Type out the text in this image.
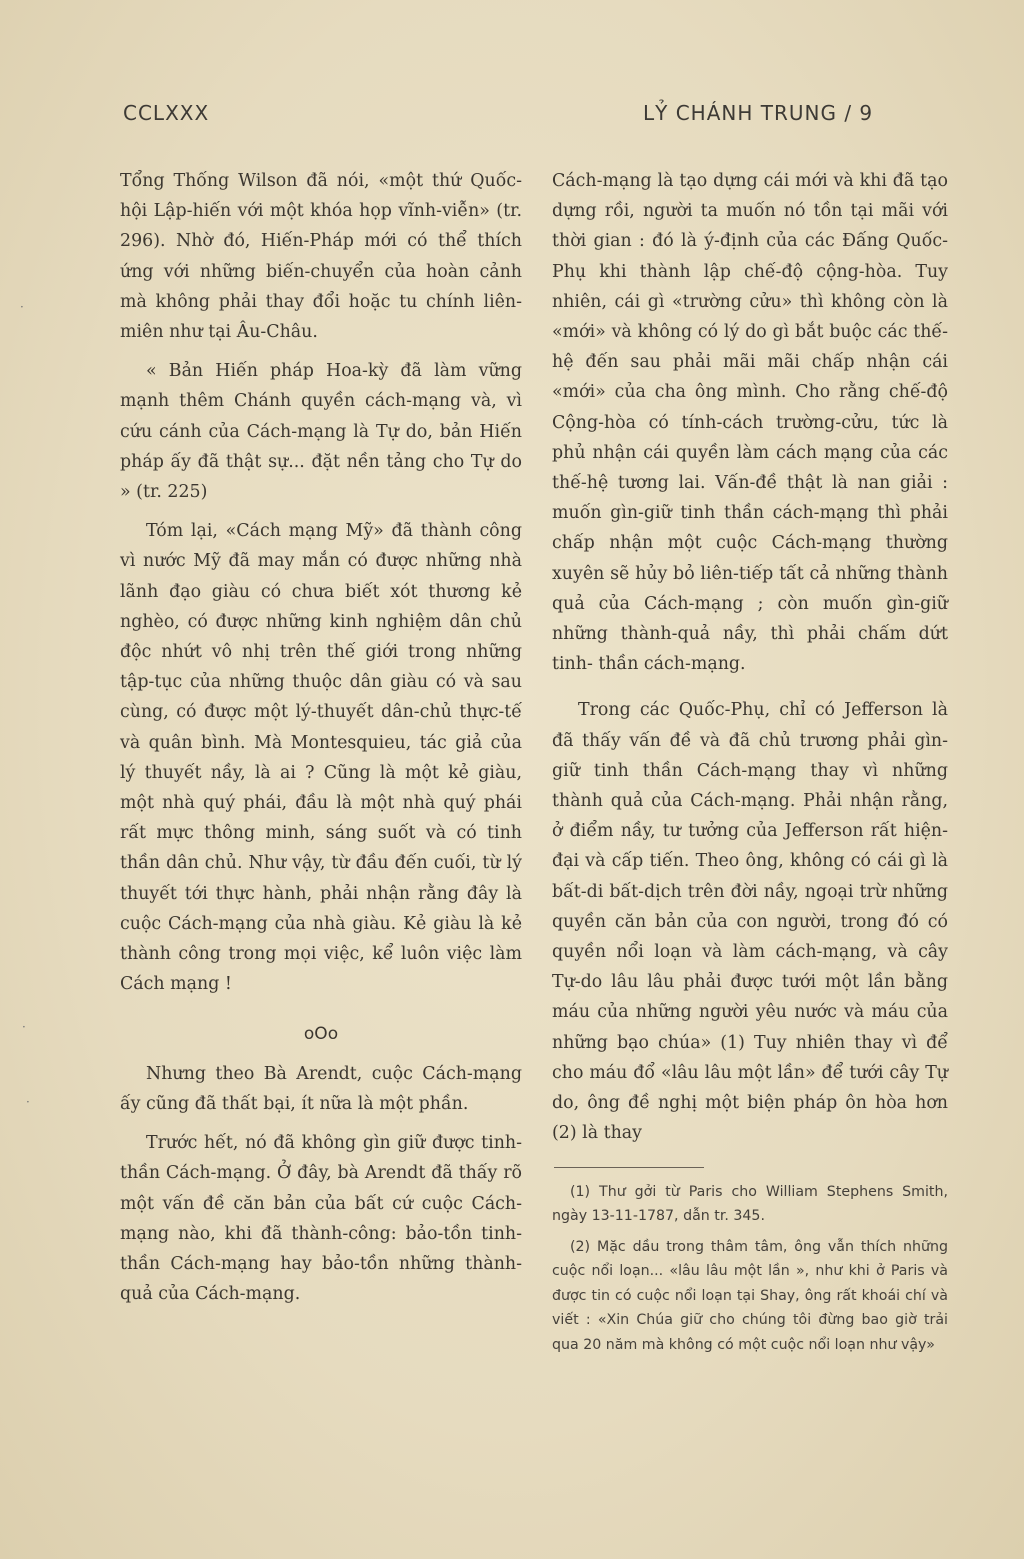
CCLXXX	LỶ CHÁNH TRUNG / 9

Tổng Thống Wilson đã nói, «một thứ Quốc-hội Lập-hiến với một khóa họp vĩnh-viễn» (tr. 296). Nhờ đó, Hiến-Pháp mới có thể thích ứng với những biến-chuyển của hoàn cảnh mà không phải thay đổi hoặc tu chính liên-miên như tại Âu-Châu.

« Bản Hiến pháp Hoa-kỳ đã làm vững mạnh thêm Chánh quyền cách-mạng và, vì cứu cánh của Cách-mạng là Tự do, bản Hiến pháp ấy đã thật sự... đặt nền tảng cho Tự do » (tr. 225)

Tóm lại, «Cách mạng Mỹ» đã thành công vì nước Mỹ đã may mắn có được những nhà lãnh đạo giàu có chưa biết xót thương kẻ nghèo, có được những kinh nghiệm dân chủ độc nhứt vô nhị trên thế giới trong những tập-tục của những thuộc dân giàu có và sau cùng, có được một lý-thuyết dân-chủ thực-tế và quân bình. Mà Montesquieu, tác giả của lý thuyết nầy, là ai ? Cũng là một kẻ giàu, một nhà quý phái, đầu là một nhà quý phái rất mực thông minh, sáng suốt và có tinh thần dân chủ. Như vậy, từ đầu đến cuối, từ lý thuyết tới thực hành, phải nhận rằng đây là cuộc Cách-mạng của nhà giàu. Kẻ giàu là kẻ thành công trong mọi việc, kể luôn việc làm Cách mạng !

oOo

Nhưng theo Bà Arendt, cuộc Cách-mạng ấy cũng đã thất bại, ít nữa là một phần.

Trước hết, nó đã không gìn giữ được tinh-thần Cách-mạng. Ở đây, bà Arendt đã thấy rõ một vấn đề căn bản của bất cứ cuộc Cách-mạng nào, khi đã thành-công: bảo-tồn tinh-thần Cách-mạng hay bảo-tồn những thành-quả của Cách-mạng.

Cách-mạng là tạo dựng cái mới và khi đã tạo dựng rồi, người ta muốn nó tồn tại mãi với thời gian : đó là ý-định của các Đấng Quốc-Phụ khi thành lập chế-độ cộng-hòa. Tuy nhiên, cái gì «trường cửu» thì không còn là «mới» và không có lý do gì bắt buộc các thế-hệ đến sau phải mãi mãi chấp nhận cái «mới» của cha ông mình. Cho rằng chế-độ Cộng-hòa có tính-cách trường-cửu, tức là phủ nhận cái quyền làm cách mạng của các thế-hệ tương lai. Vấn-đề thật là nan giải : muốn gìn-giữ tinh thần cách-mạng thì phải chấp nhận một cuộc Cách-mạng thường xuyên sẽ hủy bỏ liên-tiếp tất cả những thành quả của Cách-mạng ; còn muốn gìn-giữ những thành-quả nầy, thì phải chấm dứt tinh- thần cách-mạng.

Trong các Quốc-Phụ, chỉ có Jefferson là đã thấy vấn đề và đã chủ trương phải gìn-giữ tinh thần Cách-mạng thay vì những thành quả của Cách-mạng. Phải nhận rằng, ở điểm nầy, tư tưởng của Jefferson rất hiện-đại và cấp tiến. Theo ông, không có cái gì là bất-di bất-dịch trên đời nầy, ngoại trừ những quyền căn bản của con người, trong đó có quyền nổi loạn và làm cách-mạng, và cây Tự-do lâu lâu phải được tưới một lần bằng máu của những người yêu nước và máu của những bạo chúa» (1) Tuy nhiên thay vì để cho máu đổ «lâu lâu một lần» để tưới cây Tự do, ông đề nghị một biện pháp ôn hòa hơn (2) là thay

(1) Thư gởi từ Paris cho William Stephens Smith, ngày 13-11-1787, dẫn tr. 345.

(2) Mặc dầu trong thâm tâm, ông vẫn thích những cuộc nổi loạn... «lâu lâu một lần », như khi ở Paris và được tin có cuộc nổi loạn tại Shay, ông rất khoái chí và viết : «Xin Chúa giữ cho chúng tôi đừng bao giờ trải qua 20 năm mà không có một cuộc nổi loạn như vậy»

·
·
·
